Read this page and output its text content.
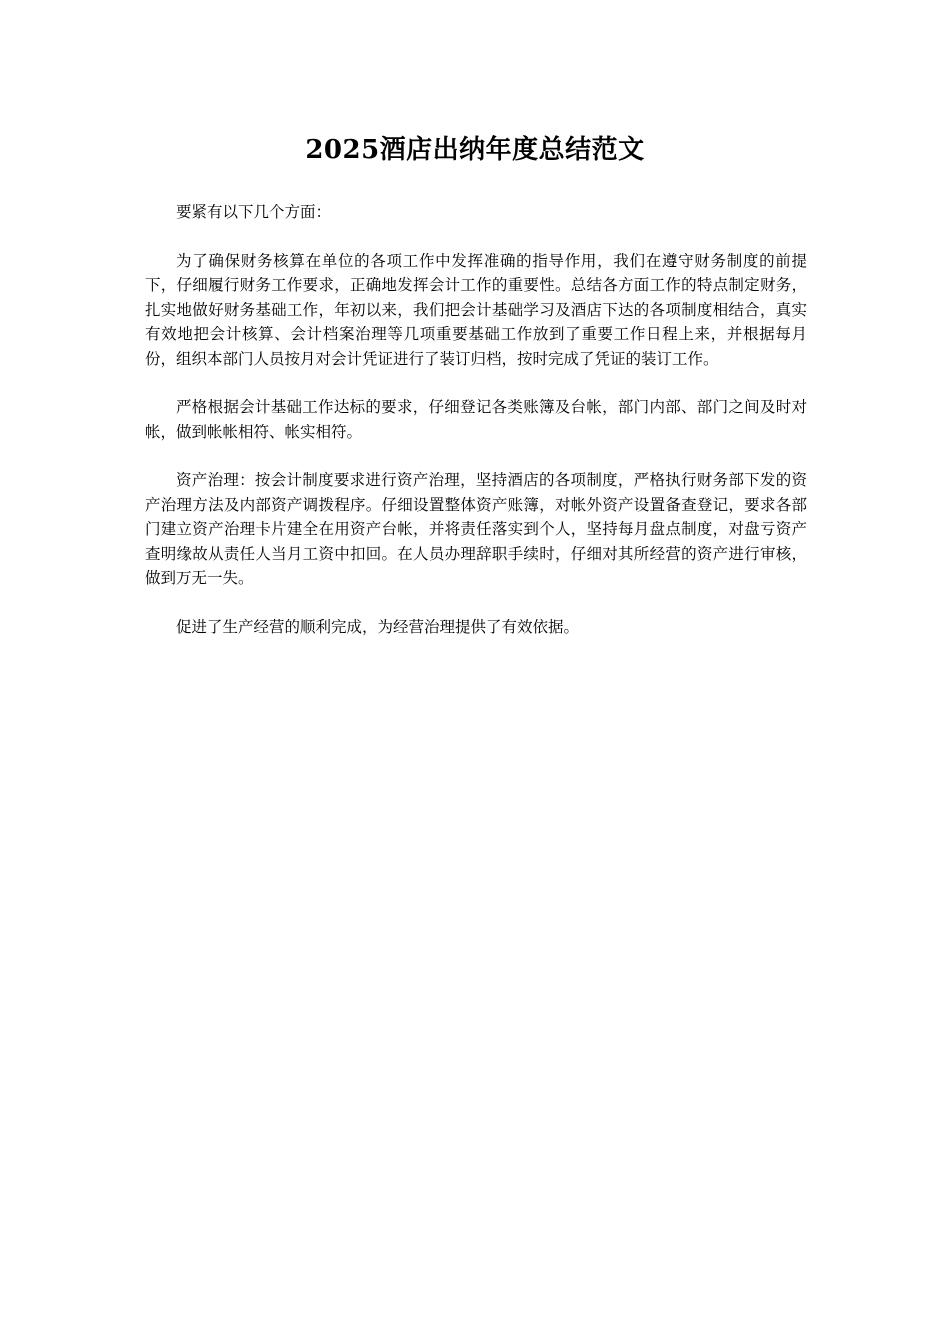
2025酒店出纳年度总结范文

要紧有以下几个方面：

为了确保财务核算在单位的各项工作中发挥准确的指导作用，我们在遵守财务制度的前提下，仔细履行财务工作要求，正确地发挥会计工作的重要性。总结各方面工作的特点制定财务，扎实地做好财务基础工作，年初以来，我们把会计基础学习及酒店下达的各项制度相结合，真实有效地把会计核算、会计档案治理等几项重要基础工作放到了重要工作日程上来，并根据每月份，组织本部门人员按月对会计凭证进行了装订归档，按时完成了凭证的装订工作。

严格根据会计基础工作达标的要求，仔细登记各类账簿及台帐，部门内部、部门之间及时对帐，做到帐帐相符、帐实相符。

资产治理：按会计制度要求进行资产治理，坚持酒店的各项制度，严格执行财务部下发的资产治理方法及内部资产调拨程序。仔细设置整体资产账簿，对帐外资产设置备查登记，要求各部门建立资产治理卡片建全在用资产台帐，并将责任落实到个人，坚持每月盘点制度，对盘亏资产查明缘故从责任人当月工资中扣回。在人员办理辞职手续时，仔细对其所经营的资产进行审核，做到万无一失。

促进了生产经营的顺利完成，为经营治理提供了有效依据。
